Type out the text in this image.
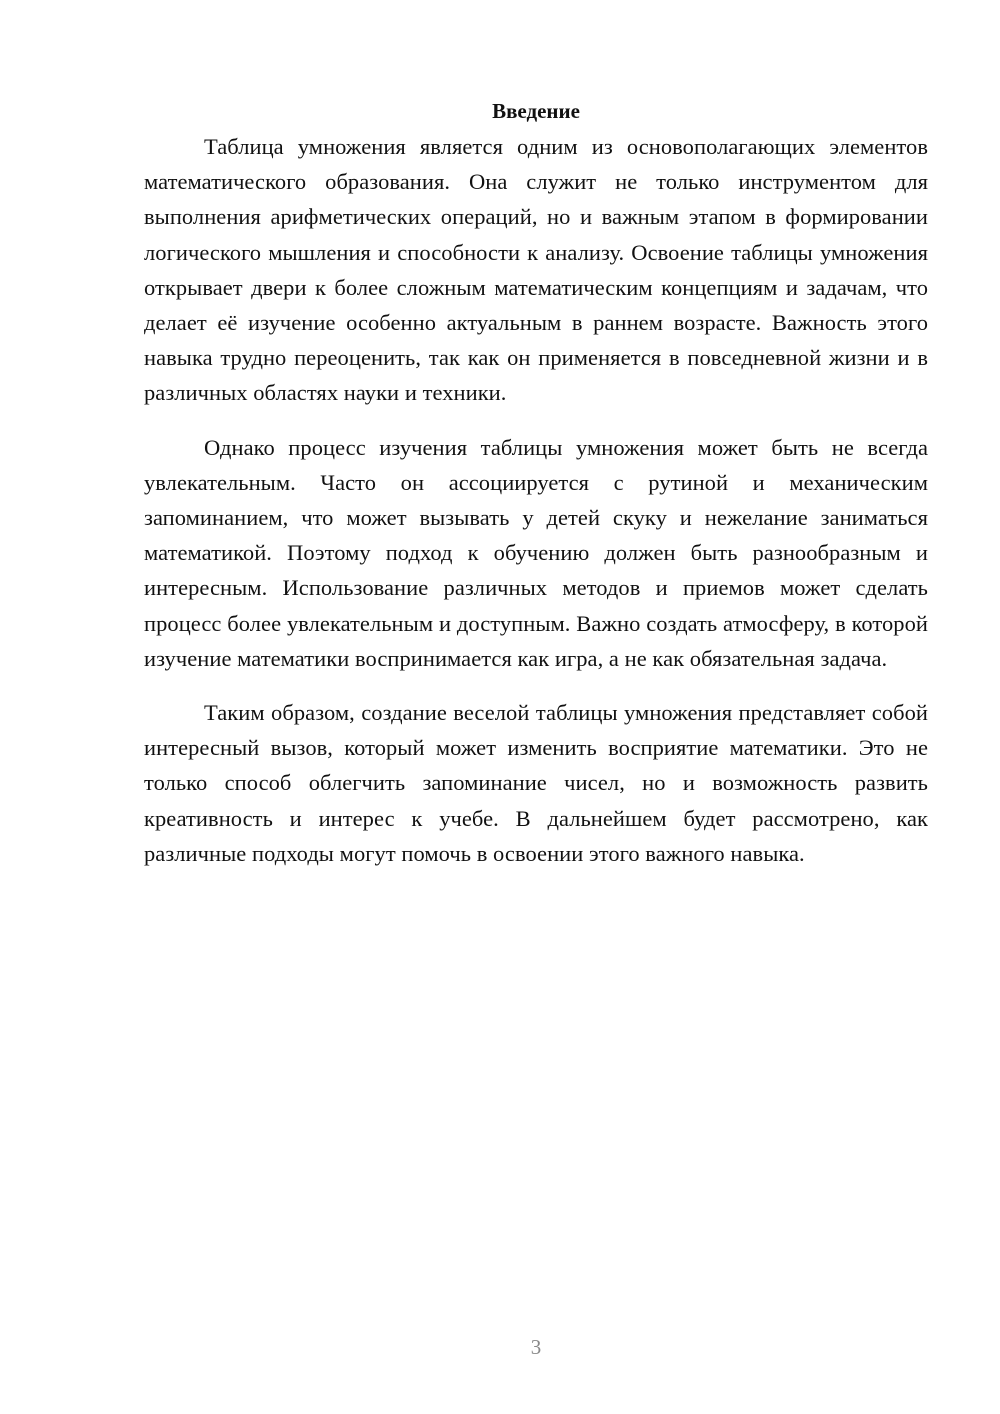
Введение

Таблица умножения является одним из основополагающих элементов математического образования. Она служит не только инструментом для выполнения арифметических операций, но и важным этапом в формировании логического мышления и способности к анализу. Освоение таблицы умножения открывает двери к более сложным математическим концепциям и задачам, что делает её изучение особенно актуальным в раннем возрасте. Важность этого навыка трудно переоценить, так как он применяется в повседневной жизни и в различных областях науки и техники.

Однако процесс изучения таблицы умножения может быть не всегда увлекательным. Часто он ассоциируется с рутиной и механическим запоминанием, что может вызывать у детей скуку и нежелание заниматься математикой. Поэтому подход к обучению должен быть разнообразным и интересным. Использование различных методов и приемов может сделать процесс более увлекательным и доступным. Важно создать атмосферу, в которой изучение математики воспринимается как игра, а не как обязательная задача.

Таким образом, создание веселой таблицы умножения представляет собой интересный вызов, который может изменить восприятие математики. Это не только способ облегчить запоминание чисел, но и возможность развить креативность и интерес к учебе. В дальнейшем будет рассмотрено, как различные подходы могут помочь в освоении этого важного навыка.

3
